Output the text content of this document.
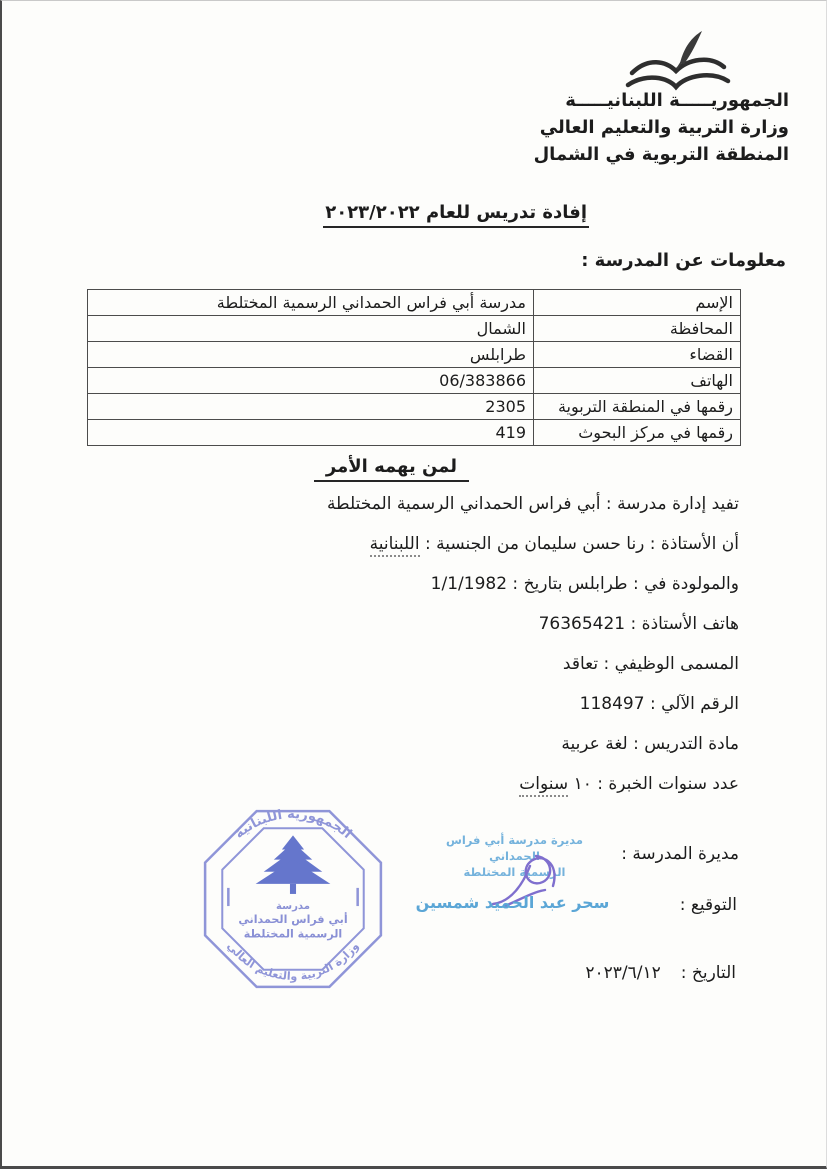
الجمهوريـــــة اللبنانيـــــة
وزارة التربية والتعليم العالي
المنطقة التربوية في الشمال
إفادة تدريس للعام ٢٠٢٣/٢٠٢٢
معلومات عن المدرسة :
الإسم	مدرسة أبي فراس الحمداني الرسمية المختلطة
المحافظة	الشمال
القضاء	طرابلس
الهاتف	06/383866
رقمها في المنطقة التربوية	2305
رقمها في مركز البحوث	419
لمن يهمه الأمر
تفيد إدارة مدرسة : أبي فراس الحمداني الرسمية المختلطة
أن الأستاذة : رنا حسن سليمان من الجنسية : اللبنانية
والمولودة في : طرابلس بتاريخ : 1/1/1982
هاتف الأستاذة : 76365421
المسمى الوظيفي : تعاقد
الرقم الآلي : 118497
مادة التدريس : لغة عربية
عدد سنوات الخبرة : ١٠ سنوات
الجمهورية اللبنانية
وزارة التربية والتعليم العالي
مدرسة
أبي فراس الحمداني
الرسمية المختلطة
مديرة مدرسة أبي فراس الحمداني
الرسمية المختلطة
سحر عبد الحميد شمسين
مديرة المدرسة :
التوقيع :
التاريخ :
٢٠٢٣/٦/١٢
